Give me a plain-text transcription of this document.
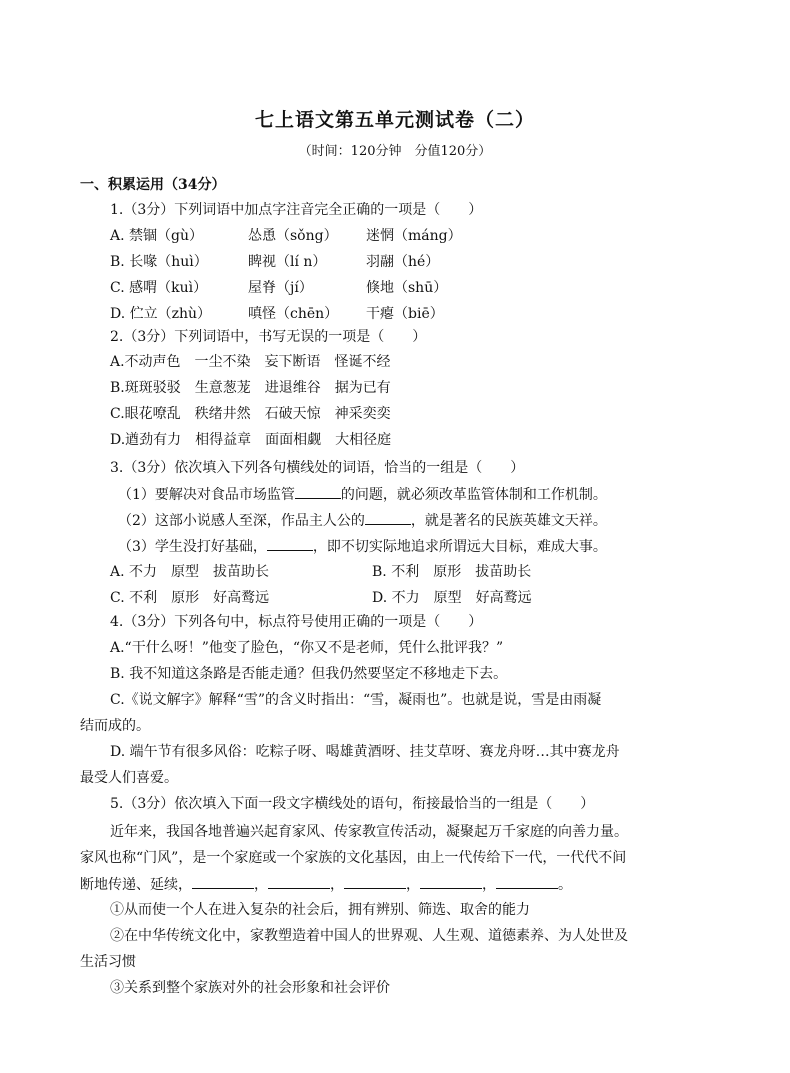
七上语文第五单元测试卷（二）
（时间：120分钟　分值120分）
一、积累运用（34分）
1.（3分）下列词语中加点字注音完全正确的一项是（　　）
A. 禁锢（gù）	怂恿（sǒng） 迷惘（máng）
B. 长喙（huì）	睥视（lí n）	羽翮（hé）
C. 感喟（kuì）	屋脊（jí）	倏地（shū）
D. 伫立（zhù）	嗔怪（chēn） 干瘪（biē）
2.（3分）下列词语中，书写无误的一项是（　　）
A.不动声色　一尘不染　妄下断语　怪诞不经
B.斑斑驳驳　生意葱茏　进退维谷　据为已有
C.眼花嘹乱　秩绪井然　石破天惊　神采奕奕
D.遒劲有力　相得益章　面面相觑　大相径庭
3.（3分）依次填入下列各句横线处的词语，恰当的一组是（　　）
（1）要解决对食品市场监管	的问题，就必须改革监管体制和工作机制。
（2）这部小说感人至深，作品主人公的	，就是著名的民族英雄文天祥。
（3）学生没打好基础，	，即不切实际地追求所谓远大目标，难成大事。
A. 不力　原型　拔苗助长	B. 不利　原形　拔苗助长
C. 不利　原形　好高鹜远	D. 不力　原型　好高鹜远
4.（3分）下列各句中，标点符号使用正确的一项是（　　）
A.“干什么呀！”他变了脸色，“你又不是老师，凭什么批评我？”
B. 我不知道这条路是否能走通？但我仍然要坚定不移地走下去。
C.《说文解字》解释“雪”的含义时指出：“雪，凝雨也”。也就是说，雪是由雨凝
结而成的。
D. 端午节有很多风俗：吃粽子呀、喝雄黄酒呀、挂艾草呀、赛龙舟呀…其中赛龙舟
最受人们喜爱。
5.（3分）依次填入下面一段文字横线处的语句，衔接最恰当的一组是（　　）
近年来，我国各地普遍兴起育家风、传家教宣传活动，凝聚起万千家庭的向善力量。
家风也称“门风”，是一个家庭或一个家族的文化基因，由上一代传给下一代，一代代不间
断地传递、延续，	，	，	，	，	。
①从而使一个人在进入复杂的社会后，拥有辨别、筛选、取舍的能力
②在中华传统文化中，家教塑造着中国人的世界观、人生观、道德素养、为人处世及
生活习惯
③关系到整个家族对外的社会形象和社会评价
